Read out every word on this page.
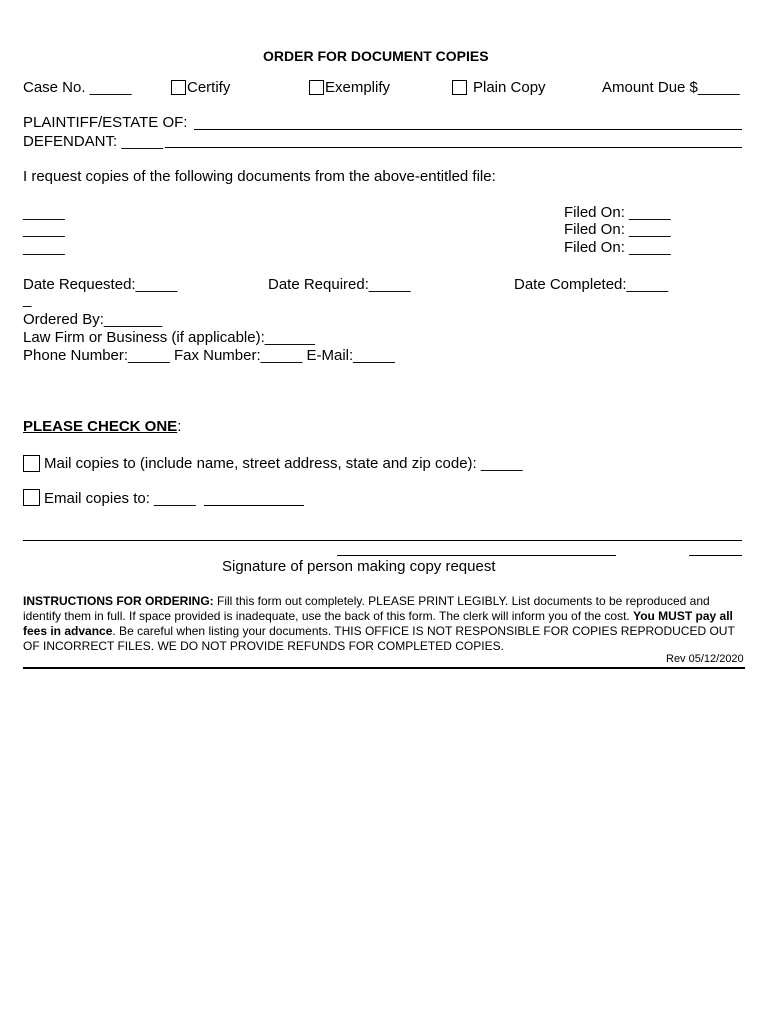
ORDER FOR DOCUMENT COPIES
Case No. _____	Certify	Exemplify	Plain Copy	Amount Due $_____
PLAINTIFF/ESTATE OF:
DEFENDANT: _____
I request copies of the following documents from the above-entitled file:
_____
_____
_____
Filed On: _____
Filed On: _____
Filed On: _____
Date Requested:_____	Date Required:_____	Date Completed:_____
_
Ordered By:_______
Law Firm or Business (if applicable):______
Phone Number:_____ Fax Number:_____ E-Mail:_____
PLEASE CHECK ONE:
Mail copies to (include name, street address, state and zip code): _____
Email copies to: _____
Signature of person making copy request
INSTRUCTIONS FOR ORDERING: Fill this form out completely. PLEASE PRINT LEGIBLY. List documents to be reproduced and identify them in full. If space provided is inadequate, use the back of this form. The clerk will inform you of the cost. You MUST pay all fees in advance. Be careful when listing your documents. THIS OFFICE IS NOT RESPONSIBLE FOR COPIES REPRODUCED OUT OF INCORRECT FILES. WE DO NOT PROVIDE REFUNDS FOR COMPLETED COPIES.
Rev 05/12/2020
